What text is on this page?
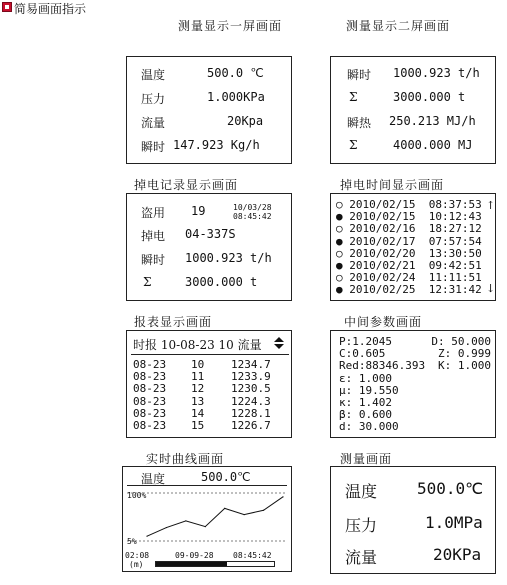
简易画面指示
测量显示一屏画面
温度	500.0 ℃
压力	1.000KPa
流量	20Kpa
瞬时 147.923 Kg/h
测量显示二屏画面
瞬时 1000.923 t/h
Σ	3000.000 t
瞬热 250.213 MJ/h
Σ	4000.000 MJ
掉电记录显示画面
盗用 19	10/03/28
08:45:42
掉电 04-337S
瞬时 1000.923 t/h
Σ	3000.000 t
掉电时间显示画面
○ 2010/02/15 08:37:53
● 2010/02/15 10:12:43
○ 2010/02/16 18:27:12
● 2010/02/17 07:57:54
○ 2010/02/20 13:30:50
● 2010/02/21 09:42:51
○ 2010/02/24 11:11:51
● 2010/02/25 12:31:42
↑
↓
报表显示画面
时报 10-08-23 10 流量
08-23 10 1234.7
08-23 11 1233.9
08-23 12 1230.5
08-23 13 1224.3
08-23 14 1228.1
08-23 15 1226.7
中间参数画面
P:1.2045	D: 50.000
C:0.605	Z: 0.999
Red:88346.393 K: 1.000
ε: 1.000
μ: 19.550
κ: 1.402
β: 0.600
d: 30.000
实时曲线画面
温度	500.0℃
100%
5%
02:08
(m)
09-09-28 08:45:42
测量画面
温度 500.0℃
压力	1.0MPa
流量	20KPa
